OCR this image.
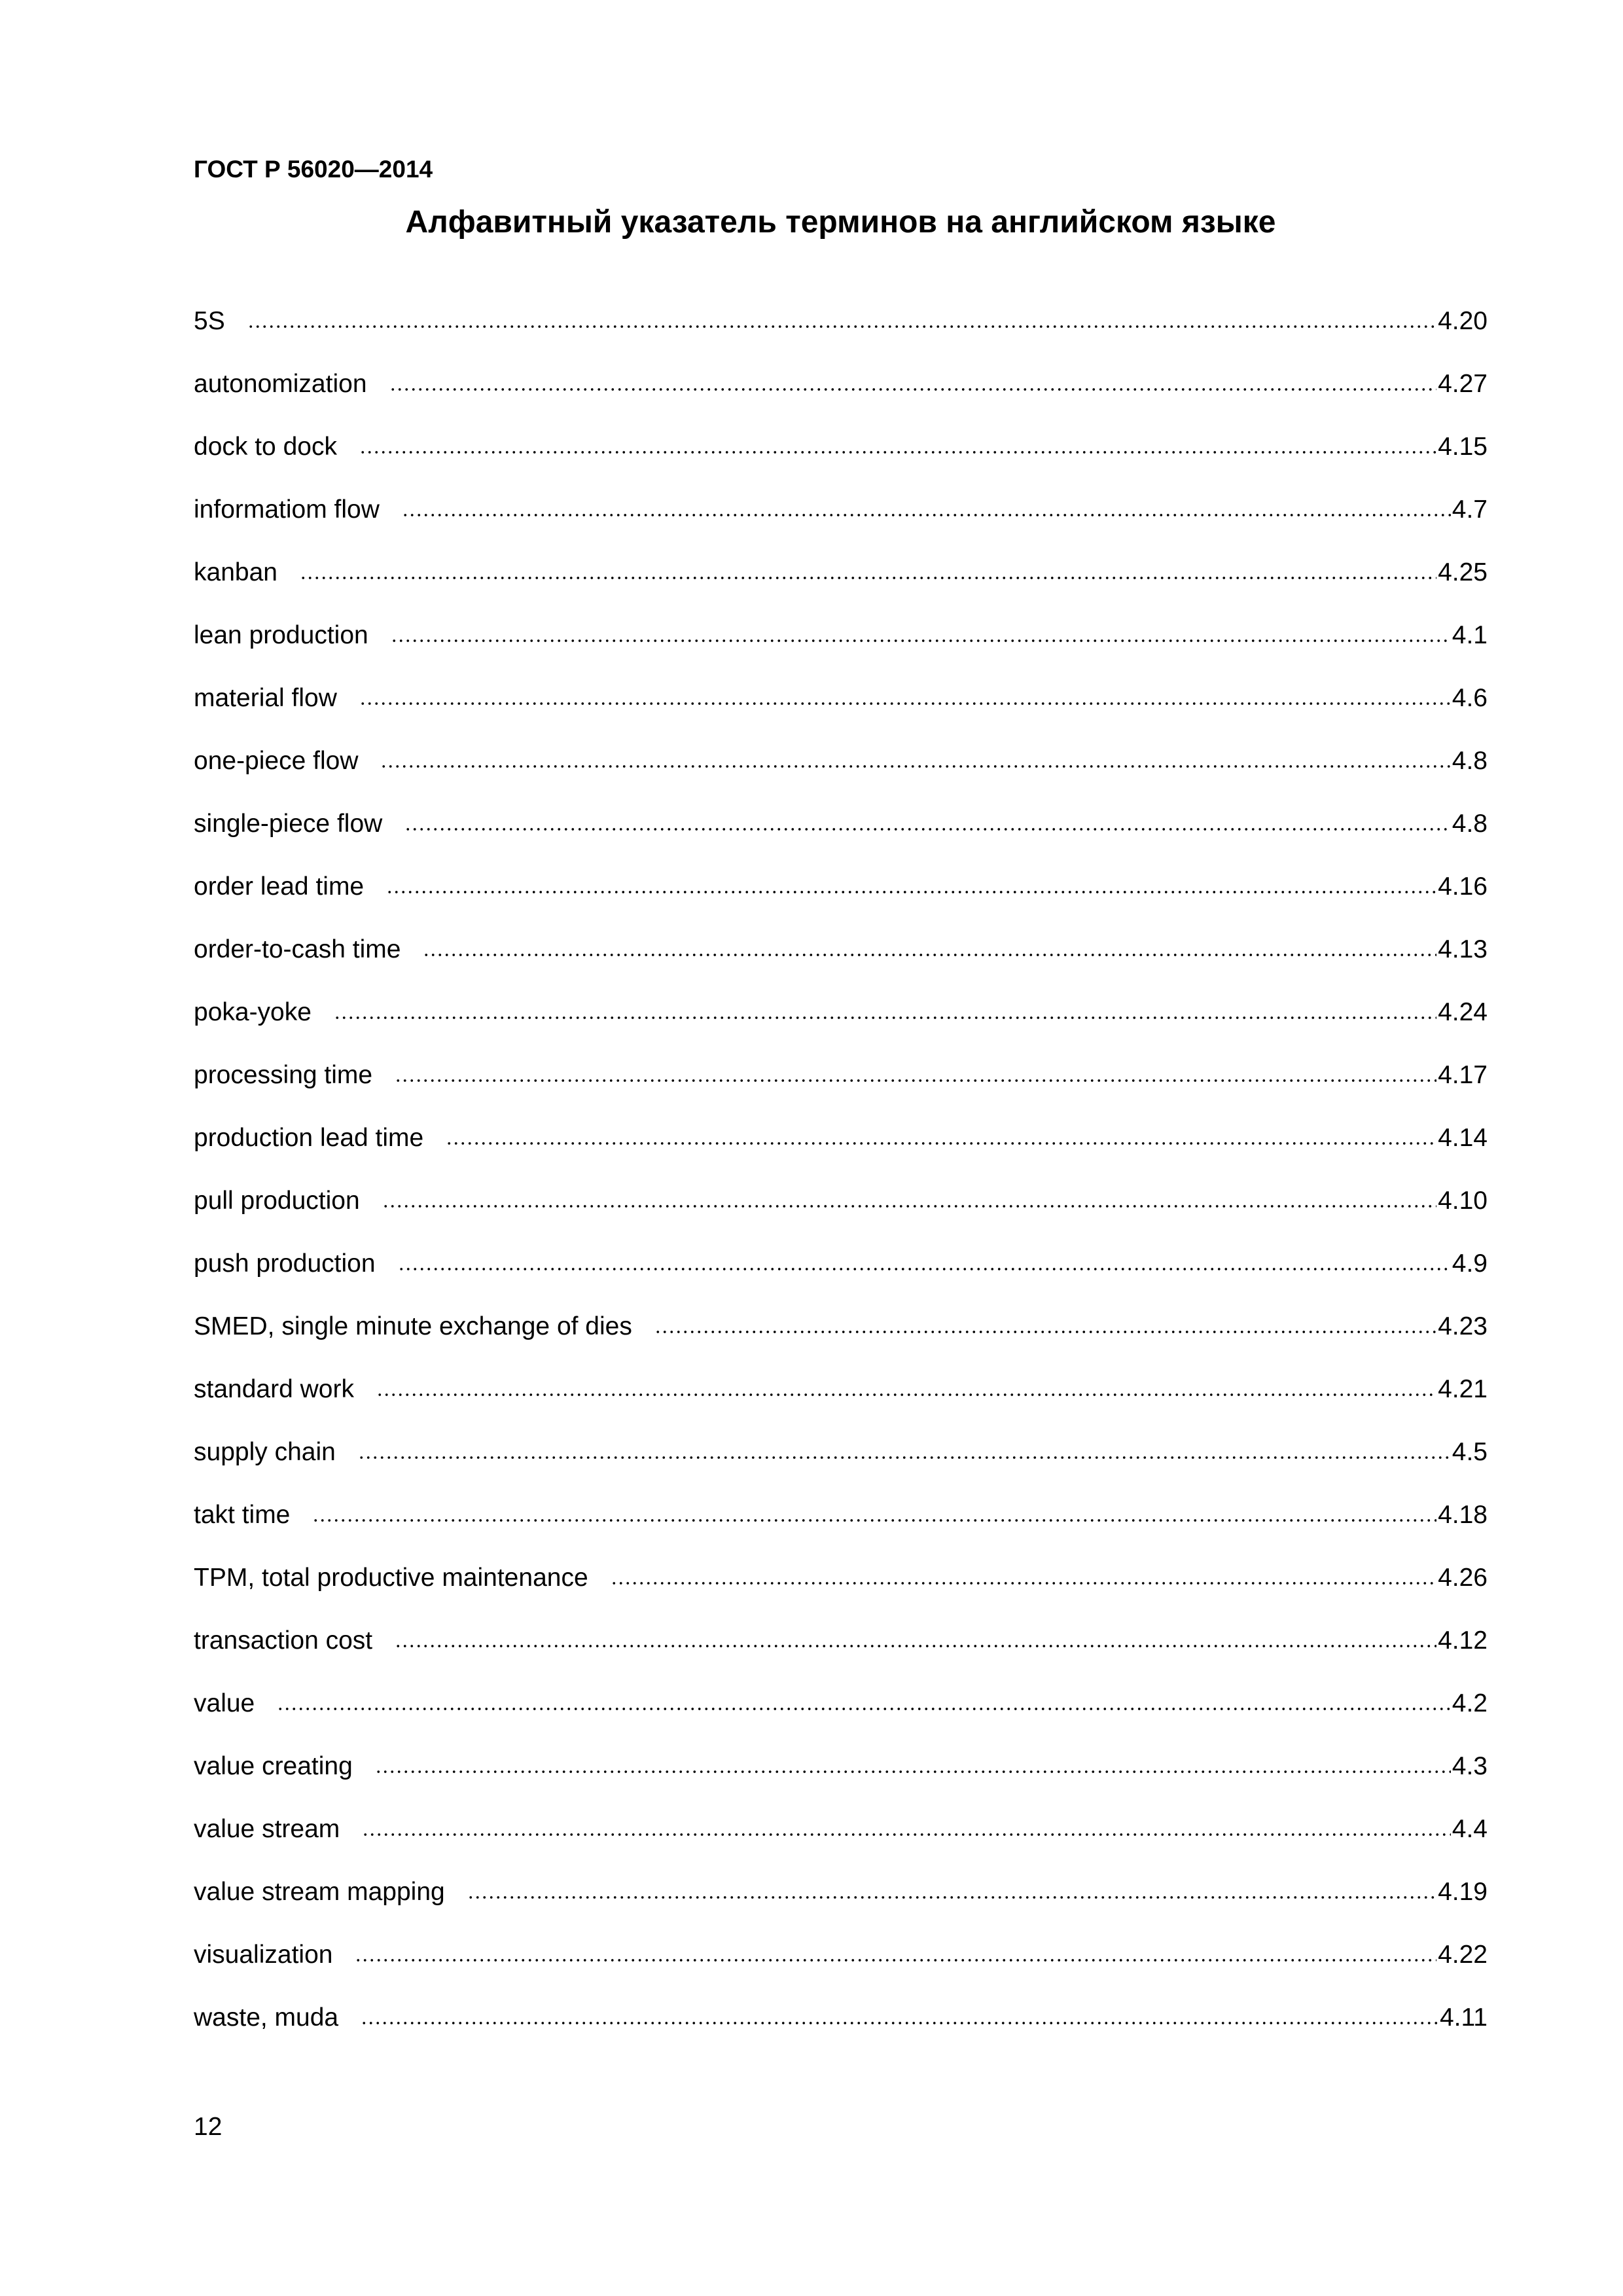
ГОСТ Р 56020—2014
Алфавитный указатель терминов на английском языке
5S	4.20
autonomization	4.27
dock to dock	4.15
informatiom flow	4.7
kanban	4.25
lean production	4.1
material flow	4.6
one-piece flow	4.8
single-piece flow	4.8
order lead time	4.16
order-to-cash time	4.13
poka-yoke	4.24
processing time	4.17
production lead time	4.14
pull production	4.10
push production	4.9
SMED, single minute exchange of dies	4.23
standard work	4.21
supply chain	4.5
takt time	4.18
TPM, total productive maintenance	4.26
transaction cost	4.12
value	4.2
value creating	4.3
value stream	4.4
value stream mapping	4.19
visualization	4.22
waste, muda	4.11
12
